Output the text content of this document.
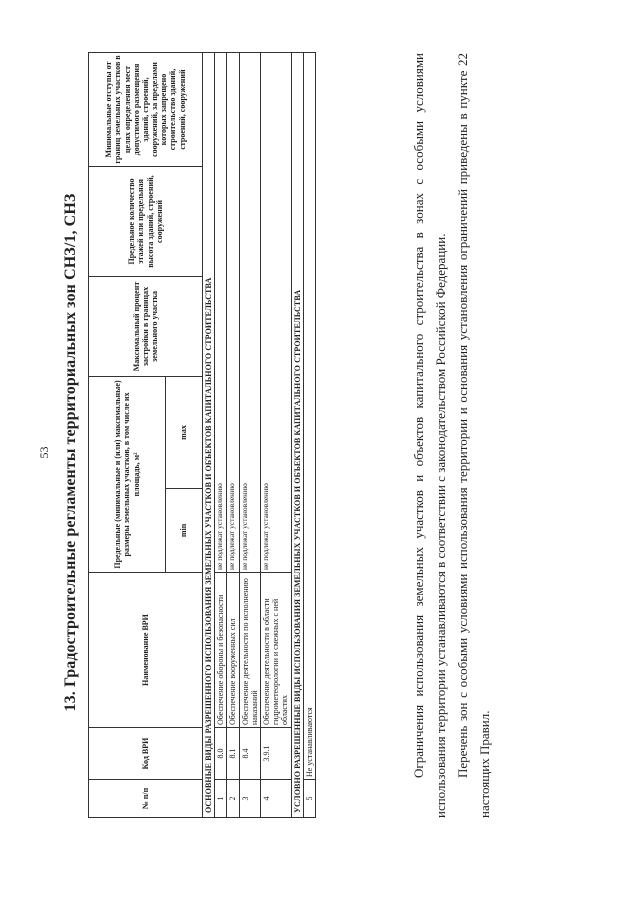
53 13. Градостроительные регламенты территориальных зон СНЗ/1, СНЗ
№ п/п	Код ВРИ	Наименование ВРИ	Предельные (минимальные и (или) максимальные) размеры земельных участков, в том числе их площадь, м²		Максимальный процент застройки в границах земельного участка	Предельное количество этажей или предельная высота зданий, строений, сооружений	Минимальные отступы от границ земельных участков в целях определения мест допустимого размещения зданий, строений, сооружений, за пределами которых запрещено строительство зданий, строений, сооружений
			min	max			
ОСНОВНЫЕ ВИДЫ РАЗРЕШЕННОГО ИСПОЛЬЗОВАНИЯ ЗЕМЕЛЬНЫХ УЧАСТКОВ И ОБЪЕКТОВ КАПИТАЛЬНОГО СТРОИТЕЛЬСТВА							
1	8.0	Обеспечение обороны и безопасности	не подлежат установлению				
2	8.1	Обеспечение вооруженных сил	не подлежат установлению				
3	8.4	Обеспечение деятельности по исполнению наказаний	не подлежат установлению				
4	3.9.1	Обеспечение деятельности в области гидрометеорологии и смежных с ней областях	не подлежат установлению				
УСЛОВНО РАЗРЕШЕННЫЕ ВИДЫ ИСПОЛЬЗОВАНИЯ ЗЕМЕЛЬНЫХ УЧАСТКОВ И ОБЪЕКТОВ КАПИТАЛЬНОГО СТРОИТЕЛЬСТВА							
5	Не устанавливаются							Ограничения использования земельных участков и объектов капитального строительства в зонах с особыми условиями использования территории устанавливаются в соответствии с законодательством Российской Федерации. Перечень зон с особыми условиями использования территории и основания установления ограничений приведены в пункте 22 настоящих Правил.
